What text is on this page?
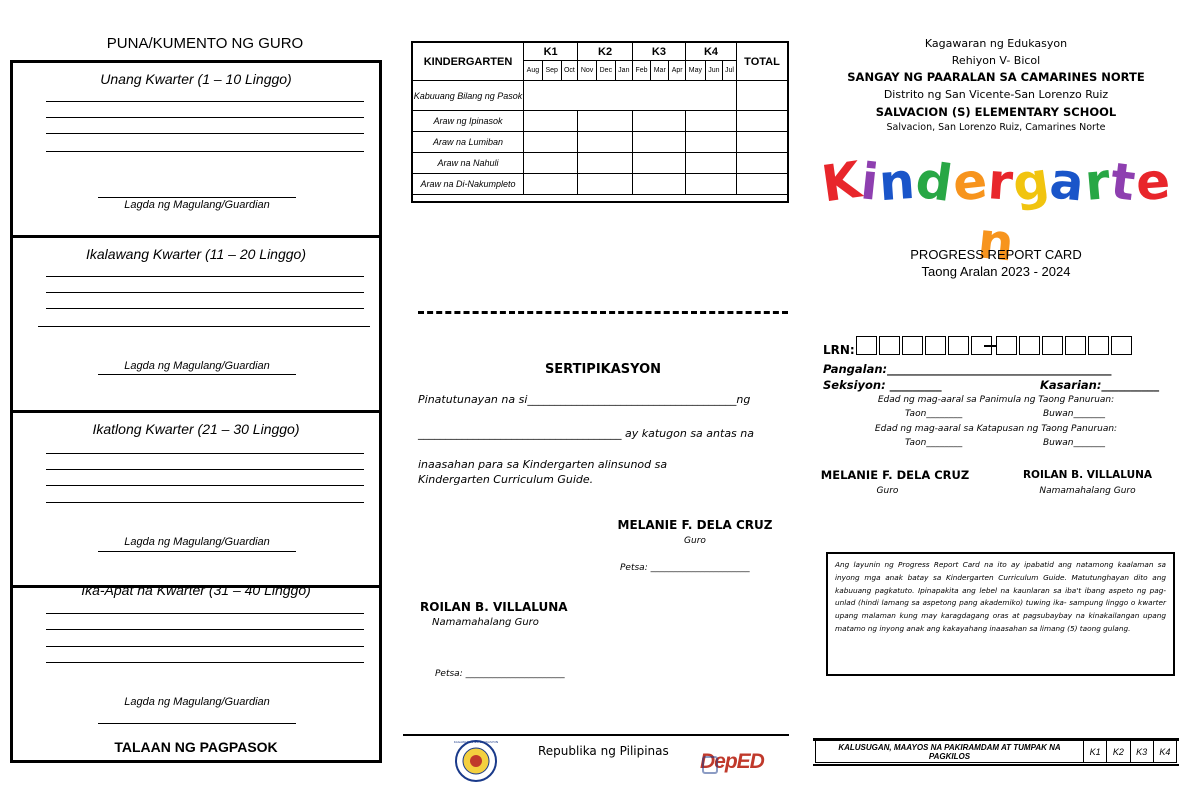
PUNA/KUMENTO NG GURO
Unang Kwarter (1 – 10 Linggo)
Lagda ng Magulang/Guardian
Ikalawang Kwarter (11 – 20 Linggo)
Lagda ng Magulang/Guardian
Ikatlong Kwarter (21 – 30 Linggo)
Lagda ng Magulang/Guardian
Ika-Apat na Kwarter (31 – 40 Linggo)
Lagda ng Magulang/Guardian
TALAAN NG PAGPASOK
KINDERGARTEN	K1			K2			K3			K4			TOTAL
	Aug	Sep	Oct	Nov	Dec	Jan	Feb	Mar	Apr	May	Jun	Jul	
Kabuuang Bilang ng Pasok													
Araw ng Ipinasok													
Araw na Lumiban													
Araw na Nahuli													
Araw na Di-Nakumpleto													
SERTIPIKASYON
Pinatutunayan na si______________________________________ng
_____________________________________ ay katugon sa antas na
inaasahan para sa Kindergarten alinsunod sa Kindergarten Curriculum Guide.
MELANIE F. DELA CRUZ
Guro
Petsa: ______________________
ROILAN B. VILLALUNA
Namamahalang Guro
Petsa: ______________________
KAGAWARAN NG EDUKASYON
Republika ng Pilipinas DepED
Kagawaran ng Edukasyon
Rehiyon V- Bicol
SANGAY NG PAARALAN SA CAMARINES NORTE
Distrito ng San Vicente-San Lorenzo Ruiz
SALVACION (S) ELEMENTARY SCHOOL
Salvacion, San Lorenzo Ruiz, Camarines Norte
Kindergarten
PROGRESS REPORT CARD
Taong Aralan 2023 - 2024
LRN:
Pangalan:_______________________________________
Seksiyon: _________	Kasarian:__________
Edad ng mag-aaral sa Panimula ng Taong Panuruan:
Taon________	Buwan_______
Edad ng mag-aaral sa Katapusan ng Taong Panuruan:
Taon________	Buwan_______
MELANIE F. DELA CRUZ
Guro
ROILAN B. VILLALUNA
Namamahalang Guro
Ang layunin ng Progress Report Card na ito ay ipabatid ang natamong kaalaman sa inyong mga anak batay sa Kindergarten Curriculum Guide. Matutunghayan dito ang kabuuang pagkatuto. Ipinapakita ang lebel na kaunlaran sa iba't ibang aspeto ng pag-unlad (hindi lamang sa aspetong pang akademiko) tuwing ika- sampung linggo o kwarter upang malaman kung may karagdagang oras at pagsubaybay na kinakailangan upang matamo ng inyong anak ang kakayahang inaasahan sa limang (5) taong gulang.
KALUSUGAN, MAAYOS NA PAKIRAMDAM AT TUMPAK NA PAGKILOS	K1	K2	K3	K4
